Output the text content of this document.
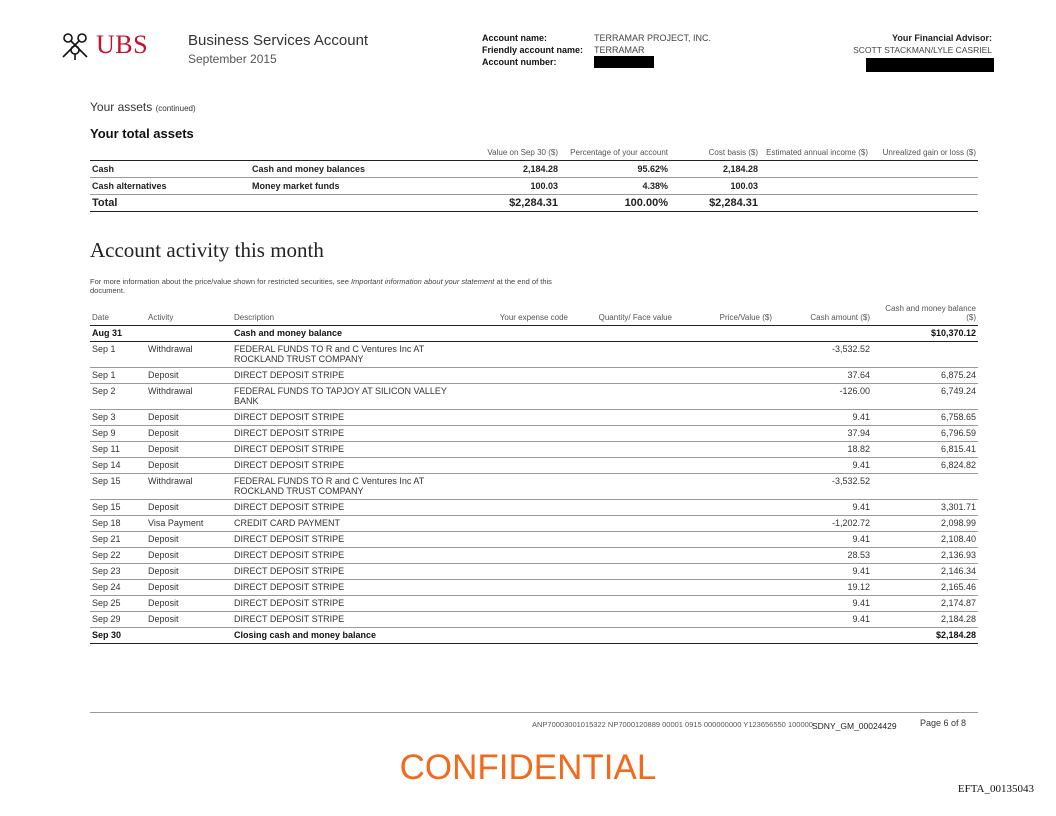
UBS	Business Services Account
September 2015
Account name:
Friendly account name:
Account number:
TERRAMAR PROJECT, INC.
TERRAMAR
Your Financial Advisor:
SCOTT STACKMAN/LYLE CASRIEL
Your assets (continued)
Your total assets
		Value on Sep 30 ($)	Percentage of your account	Cost basis ($)	Estimated annual income ($)	Unrealized gain or loss ($)
Cash	Cash and money balances	2,184.28	95.62%	2,184.28		
Cash alternatives	Money market funds	100.03	4.38%	100.03		
Total		$2,284.31	100.00%	$2,284.31		
Account activity this month
For more information about the price/value shown for restricted securities, see Important information about your statement at the end of this document.
Date	Activity	Description	Your expense code	Quantity/ Face value	Price/Value ($)	Cash amount ($)	Cash and money balance ($)
Aug 31		Cash and money balance					$10,370.12
Sep 1	Withdrawal	FEDERAL FUNDS TO R and C Ventures Inc AT ROCKLAND TRUST COMPANY				-3,532.52	
Sep 1	Deposit	DIRECT DEPOSIT STRIPE				37.64	6,875.24
Sep 2	Withdrawal	FEDERAL FUNDS TO TAPJOY AT SILICON VALLEY BANK				-126.00	6,749.24
Sep 3	Deposit	DIRECT DEPOSIT STRIPE				9.41	6,758.65
Sep 9	Deposit	DIRECT DEPOSIT STRIPE				37.94	6,796.59
Sep 11	Deposit	DIRECT DEPOSIT STRIPE				18.82	6,815.41
Sep 14	Deposit	DIRECT DEPOSIT STRIPE				9.41	6,824.82
Sep 15	Withdrawal	FEDERAL FUNDS TO R and C Ventures Inc AT ROCKLAND TRUST COMPANY				-3,532.52	
Sep 15	Deposit	DIRECT DEPOSIT STRIPE				9.41	3,301.71
Sep 18	Visa Payment	CREDIT CARD PAYMENT				-1,202.72	2,098.99
Sep 21	Deposit	DIRECT DEPOSIT STRIPE				9.41	2,108.40
Sep 22	Deposit	DIRECT DEPOSIT STRIPE				28.53	2,136.93
Sep 23	Deposit	DIRECT DEPOSIT STRIPE				9.41	2,146.34
Sep 24	Deposit	DIRECT DEPOSIT STRIPE				19.12	2,165.46
Sep 25	Deposit	DIRECT DEPOSIT STRIPE				9.41	2,174.87
Sep 29	Deposit	DIRECT DEPOSIT STRIPE				9.41	2,184.28
Sep 30		Closing cash and money balance					$2,184.28
ANP70003001015322 NP7000120889 00001 0915 000000000 Y123656550 100000 SDNY_GM_00024429	Page 6 of 8
CONFIDENTIAL
EFTA_00135043
